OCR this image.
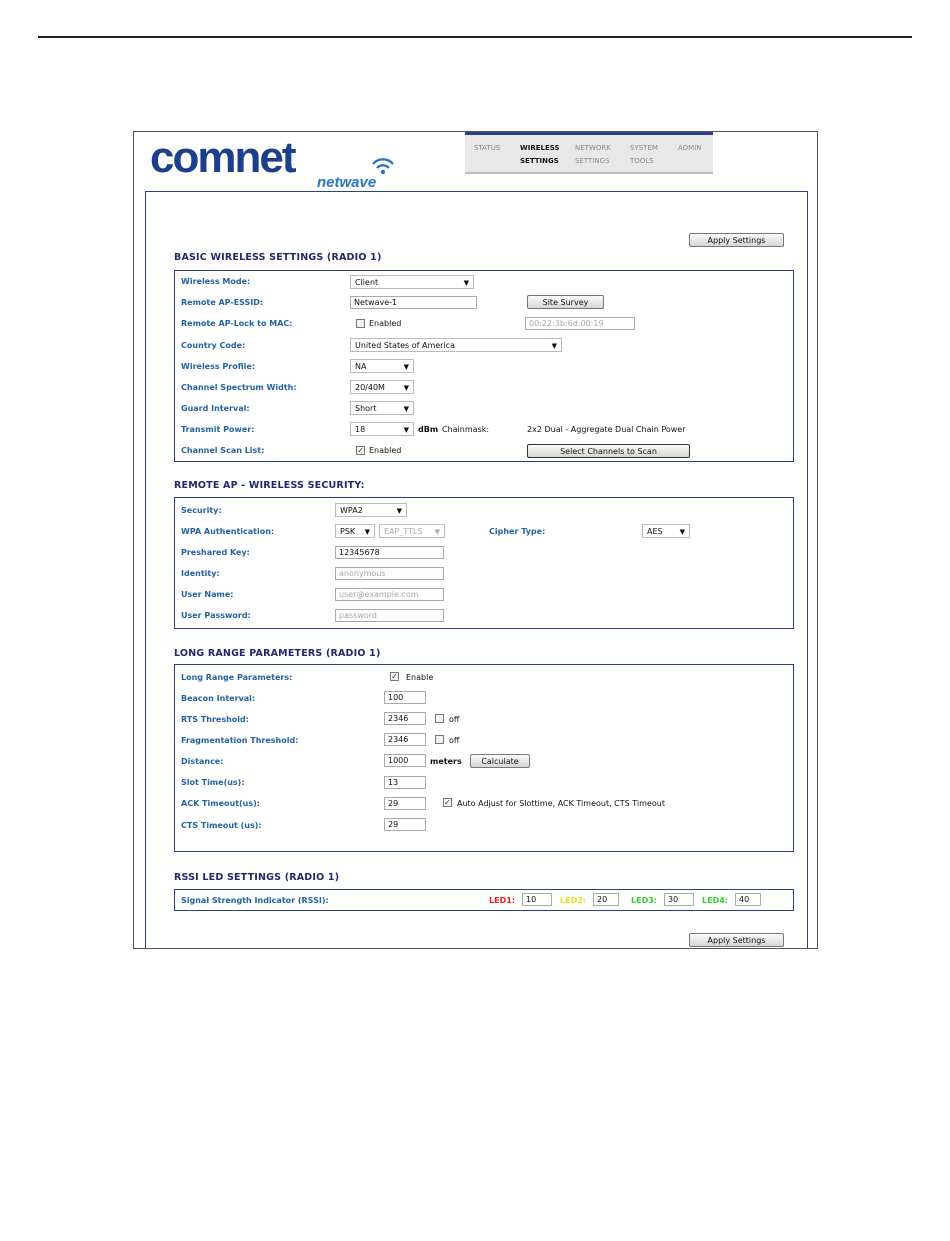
comnet
netwave
STATUS	WIRELESS
SETTINGS
NETWORK
SETTINGS
SYSTEM
TOOLS
ADMIN

Apply Settings
BASIC WIRELESS SETTINGS (RADIO 1)
Wireless Mode:	Client	▼
Remote AP-ESSID:	Netwave-1	Site Survey
Remote AP-Lock to MAC:	Enabled	00:22:3b:6d:00:19
Country Code:	United States of America	▼
Wireless Profile:	NA	▼
Channel Spectrum Width:	20/40M	▼
Guard Interval:	Short	▼
Transmit Power:	18	▼ dBm Chainmask:	2x2 Dual - Aggregate Dual Chain Power
Channel Scan List:	✓ Enabled	Select Channels to Scan
REMOTE AP - WIRELESS SECURITY:
Security:	WPA2	▼
WPA Authentication:	PSK ▼	EAP_TTLS ▼	Cipher Type:	AES ▼
Preshared Key:	12345678
Identity:	anonymous
User Name:	user@example.com
User Password:	password
LONG RANGE PARAMETERS (RADIO 1)
Long Range Parameters:	✓ Enable
Beacon Interval:	100
RTS Threshold:	2346	off
Fragmentation Threshold:	2346	off
Distance:	1000	meters	Calculate
Slot Time(us):	13
ACK Timeout(us):	29	✓ Auto Adjust for Slottime, ACK Timeout, CTS Timeout
CTS Timeout (us):	29
RSSI LED SETTINGS (RADIO 1)
Signal Strength Indicator (RSSI):	LED1:	10	LED2:	20	LED3:	30	LED4:	40
Apply Settings
